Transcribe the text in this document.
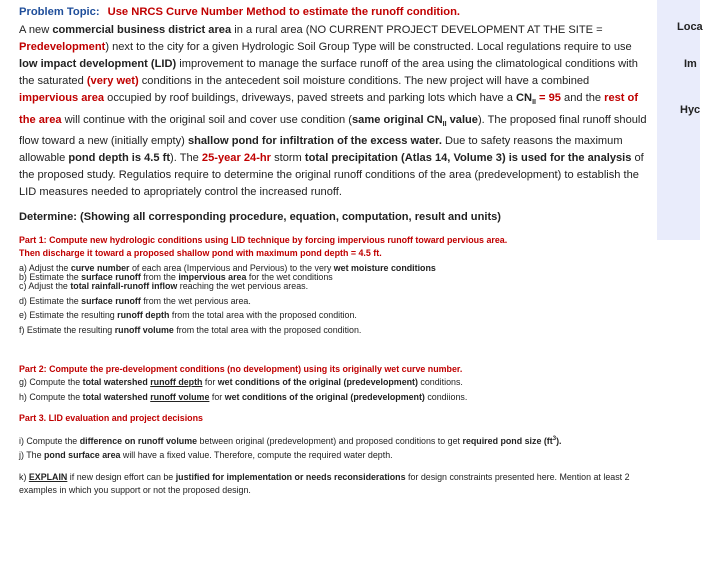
Loca
Im
Hyc

Problem Topic: Use NRCS Curve Number Method to estimate the runoff condition.

A new commercial business district area in a rural area (NO CURRENT PROJECT DEVELOPMENT AT THE SITE = Predevelopment) next to the city for a given Hydrologic Soil Group Type will be constructed. Local regulations require to use low impact development (LID) improvement to manage the surface runoff of the area using the climatological conditions with the saturated (very wet) conditions in the antecedent soil moisture conditions. The new project will have a combined impervious area occupied by roof buildings, driveways, paved streets and parking lots which have a $CN_{II} = 95$ and the rest of the area will continue with the original soil and cover use condition (same original $CN_{II}$ value). The proposed final runoff should flow toward a new (initially empty) shallow pond for infiltration of the excess water. Due to safety reasons the maximum allowable pond depth is 4.5 ft). The 25-year 24-hr storm total precipitation (Atlas 14, Volume 3) is used for the analysis of the proposed study. Regulatios require to determine the original runoff conditions of the area (predevelopment) to establish the LID measures needed to apropriately control the increased runoff.

Determine: (Showing all corresponding procedure, equation, computation, result and units)

Part 1: Compute new hydrologic conditions using LID technique by forcing impervious runoff toward pervious area. Then discharge it toward a proposed shallow pond with maximum pond depth = 4.5 ft.

a) Adjust the curve number of each area (Impervious and Pervious) to the very wet moisture conditions

b) Estimate the surface runoff from the impervious area for the wet conditions

c) Adjust the total rainfall-runoff inflow reaching the wet pervious areas.

d) Estimate the surface runoff from the wet pervious area.

e) Estimate the resulting runoff depth from the total area with the proposed condition.

f) Estimate the resulting runoff volume from the total area with the proposed condition.

Part 2: Compute the pre-development conditions (no development) using its originally wet curve number.

g) Compute the total watershed runoff depth for wet conditions of the original (predevelopment) conditions.

h) Compute the total watershed runoff volume for wet conditions of the original (predevelopment) condiions.

Part 3. LID evaluation and project decisions

i) Compute the difference on runoff volume between original (predevelopment) and proposed conditions to get required pond size $(ft^3)$.

j) The pond surface area will have a fixed value. Therefore, compute the required water depth.

k) EXPLAIN if new design effort can be justified for implementation or needs reconsiderations for design constraints presented here. Mention at least 2 examples in which you support or not the proposed design.
